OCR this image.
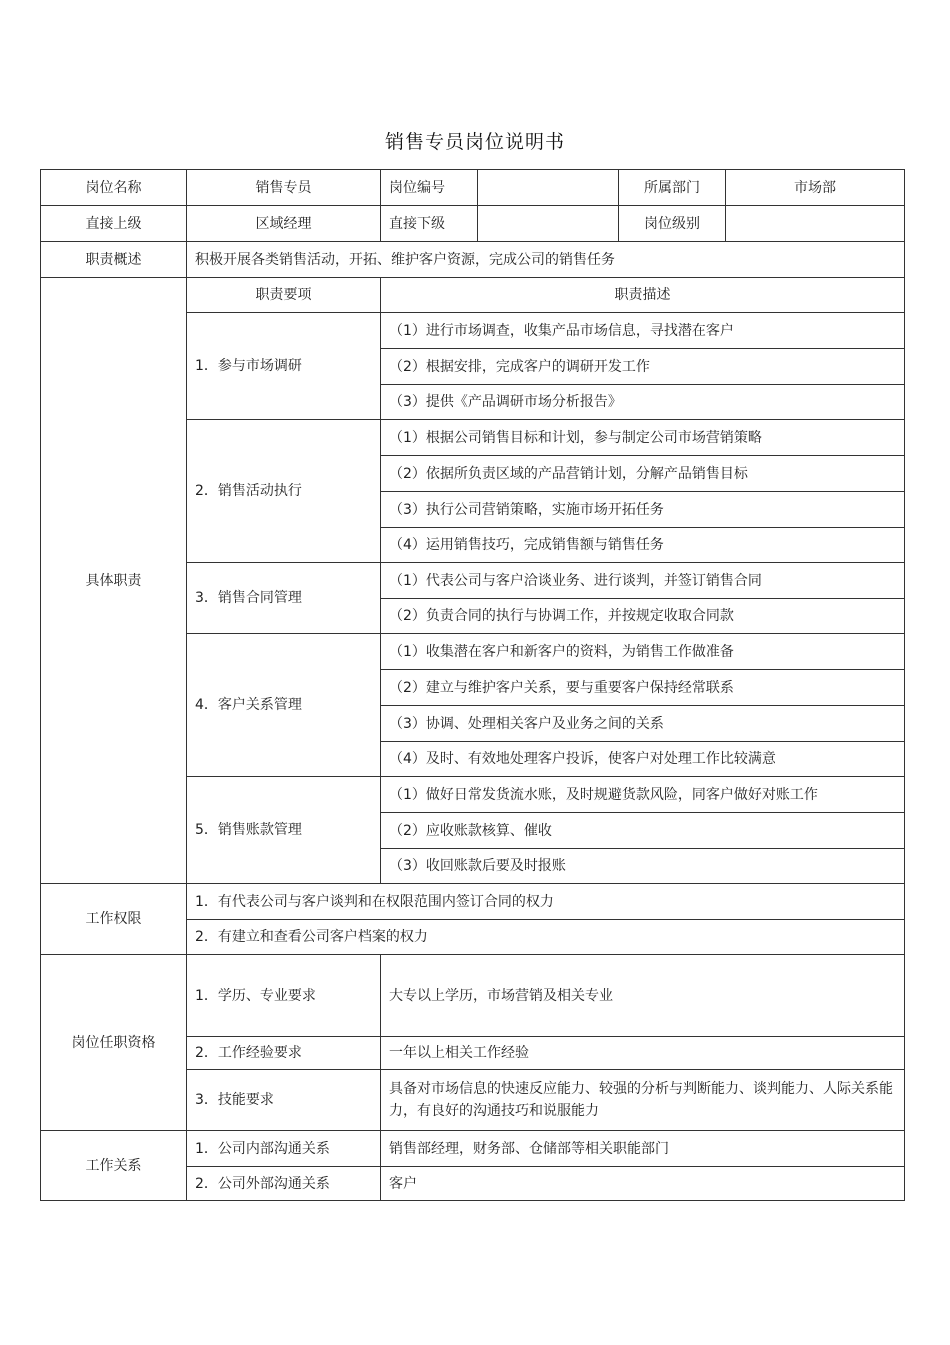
销售专员岗位说明书
岗位名称	销售专员	岗位编号		所属部门	市场部
直接上级	区域经理	直接下级		岗位级别	
职责概述	积极开展各类销售活动，开拓、维护客户资源，完成公司的销售任务				
具体职责	职责要项	职责描述			
	1．参与市场调研	（1）进行市场调查，收集产品市场信息，寻找潜在客户			
		（2）根据安排，完成客户的调研开发工作			
		（3）提供《产品调研市场分析报告》			
	2．销售活动执行	（1）根据公司销售目标和计划，参与制定公司市场营销策略			
		（2）依据所负责区域的产品营销计划，分解产品销售目标			
		（3）执行公司营销策略，实施市场开拓任务			
		（4）运用销售技巧，完成销售额与销售任务			
	3．销售合同管理	（1）代表公司与客户洽谈业务、进行谈判，并签订销售合同			
		（2）负责合同的执行与协调工作，并按规定收取合同款			
	4．客户关系管理	（1）收集潜在客户和新客户的资料，为销售工作做准备			
		（2）建立与维护客户关系，要与重要客户保持经常联系			
		（3）协调、处理相关客户及业务之间的关系			
		（4）及时、有效地处理客户投诉，使客户对处理工作比较满意			
	5．销售账款管理	（1）做好日常发货流水账，及时规避货款风险，同客户做好对账工作			
		（2）应收账款核算、催收			
		（3）收回账款后要及时报账			
工作权限	1．有代表公司与客户谈判和在权限范围内签订合同的权力				
	2．有建立和查看公司客户档案的权力				
岗位任职资格	1．学历、专业要求	大专以上学历，市场营销及相关专业			
	2．工作经验要求	一年以上相关工作经验			
	3．技能要求	具备对市场信息的快速反应能力、较强的分析与判断能力、谈判能力、人际关系能力，有良好的沟通技巧和说服能力			
工作关系	1．公司内部沟通关系	销售部经理，财务部、仓储部等相关职能部门			
	2．公司外部沟通关系	客户			
